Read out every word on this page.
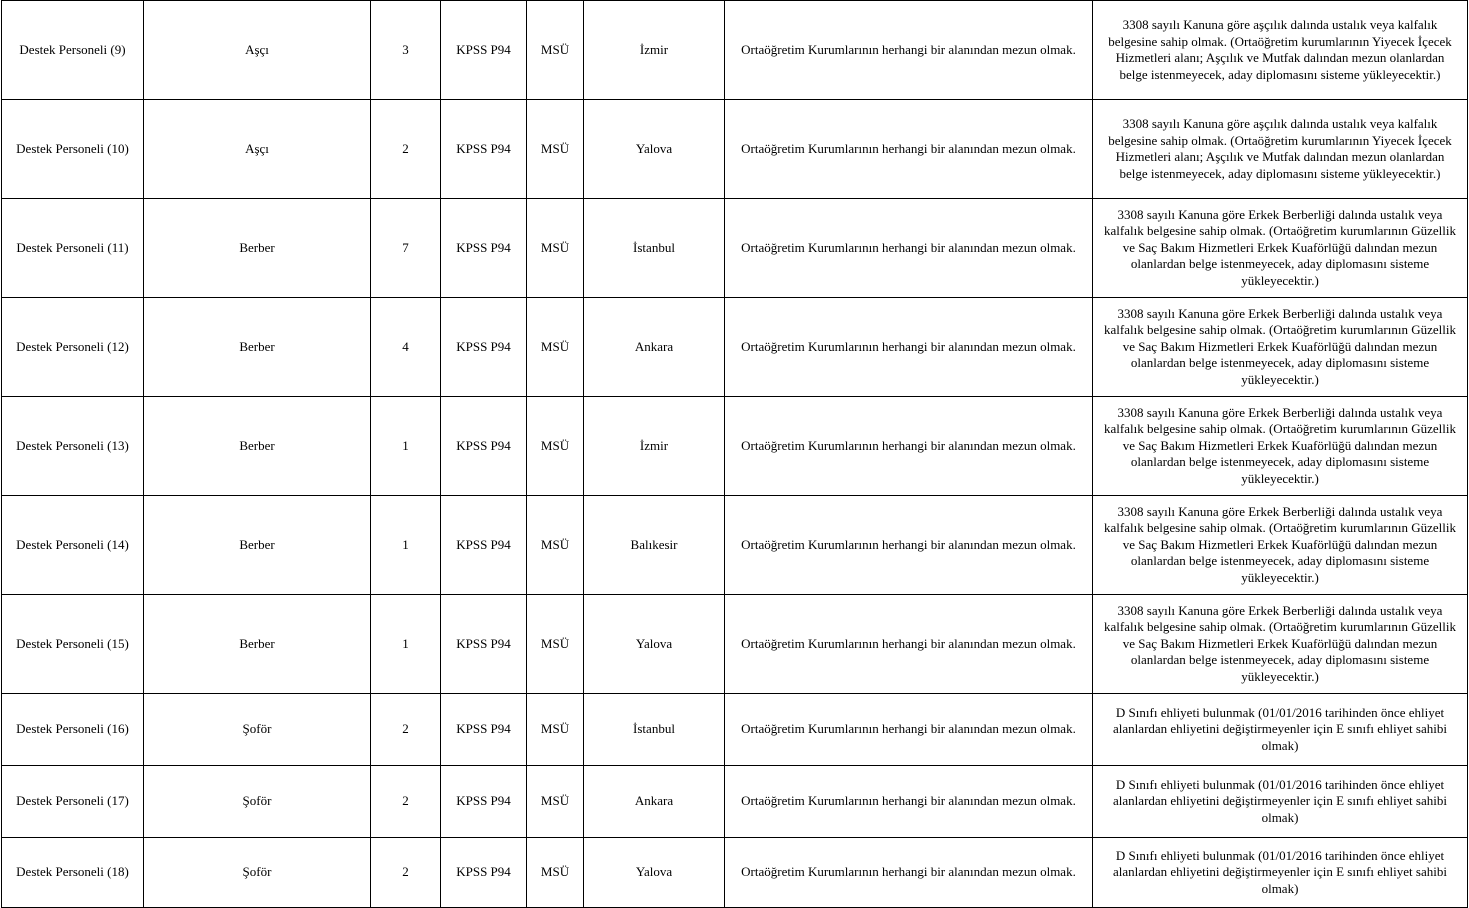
Destek Personeli (9)	Aşçı	3	KPSS P94	MSÜ	İzmir	Ortaöğretim Kurumlarının herhangi bir alanından mezun olmak.	3308 sayılı Kanuna göre aşçılık dalında ustalık veya kalfalık belgesine sahip olmak. (Ortaöğretim kurumlarının Yiyecek İçecek Hizmetleri alanı; Aşçılık ve Mutfak dalından mezun olanlardan belge istenmeyecek, aday diplomasını sisteme yükleyecektir.)
Destek Personeli (10)	Aşçı	2	KPSS P94	MSÜ	Yalova	Ortaöğretim Kurumlarının herhangi bir alanından mezun olmak.	3308 sayılı Kanuna göre aşçılık dalında ustalık veya kalfalık belgesine sahip olmak. (Ortaöğretim kurumlarının Yiyecek İçecek Hizmetleri alanı; Aşçılık ve Mutfak dalından mezun olanlardan belge istenmeyecek, aday diplomasını sisteme yükleyecektir.)
Destek Personeli (11)	Berber	7	KPSS P94	MSÜ	İstanbul	Ortaöğretim Kurumlarının herhangi bir alanından mezun olmak.	3308 sayılı Kanuna göre Erkek Berberliği dalında ustalık veya kalfalık belgesine sahip olmak. (Ortaöğretim kurumlarının Güzellik ve Saç Bakım Hizmetleri Erkek Kuaförlüğü dalından mezun olanlardan belge istenmeyecek, aday diplomasını sisteme yükleyecektir.)
Destek Personeli (12)	Berber	4	KPSS P94	MSÜ	Ankara	Ortaöğretim Kurumlarının herhangi bir alanından mezun olmak.	3308 sayılı Kanuna göre Erkek Berberliği dalında ustalık veya kalfalık belgesine sahip olmak. (Ortaöğretim kurumlarının Güzellik ve Saç Bakım Hizmetleri Erkek Kuaförlüğü dalından mezun olanlardan belge istenmeyecek, aday diplomasını sisteme yükleyecektir.)
Destek Personeli (13)	Berber	1	KPSS P94	MSÜ	İzmir	Ortaöğretim Kurumlarının herhangi bir alanından mezun olmak.	3308 sayılı Kanuna göre Erkek Berberliği dalında ustalık veya kalfalık belgesine sahip olmak. (Ortaöğretim kurumlarının Güzellik ve Saç Bakım Hizmetleri Erkek Kuaförlüğü dalından mezun olanlardan belge istenmeyecek, aday diplomasını sisteme yükleyecektir.)
Destek Personeli (14)	Berber	1	KPSS P94	MSÜ	Balıkesir	Ortaöğretim Kurumlarının herhangi bir alanından mezun olmak.	3308 sayılı Kanuna göre Erkek Berberliği dalında ustalık veya kalfalık belgesine sahip olmak. (Ortaöğretim kurumlarının Güzellik ve Saç Bakım Hizmetleri Erkek Kuaförlüğü dalından mezun olanlardan belge istenmeyecek, aday diplomasını sisteme yükleyecektir.)
Destek Personeli (15)	Berber	1	KPSS P94	MSÜ	Yalova	Ortaöğretim Kurumlarının herhangi bir alanından mezun olmak.	3308 sayılı Kanuna göre Erkek Berberliği dalında ustalık veya kalfalık belgesine sahip olmak. (Ortaöğretim kurumlarının Güzellik ve Saç Bakım Hizmetleri Erkek Kuaförlüğü dalından mezun olanlardan belge istenmeyecek, aday diplomasını sisteme yükleyecektir.)
Destek Personeli (16)	Şoför	2	KPSS P94	MSÜ	İstanbul	Ortaöğretim Kurumlarının herhangi bir alanından mezun olmak.	D Sınıfı ehliyeti bulunmak (01/01/2016 tarihinden önce ehliyet alanlardan ehliyetini değiştirmeyenler için E sınıfı ehliyet sahibi olmak)
Destek Personeli (17)	Şoför	2	KPSS P94	MSÜ	Ankara	Ortaöğretim Kurumlarının herhangi bir alanından mezun olmak.	D Sınıfı ehliyeti bulunmak (01/01/2016 tarihinden önce ehliyet alanlardan ehliyetini değiştirmeyenler için E sınıfı ehliyet sahibi olmak)
Destek Personeli (18)	Şoför	2	KPSS P94	MSÜ	Yalova	Ortaöğretim Kurumlarının herhangi bir alanından mezun olmak.	D Sınıfı ehliyeti bulunmak (01/01/2016 tarihinden önce ehliyet alanlardan ehliyetini değiştirmeyenler için E sınıfı ehliyet sahibi olmak)
